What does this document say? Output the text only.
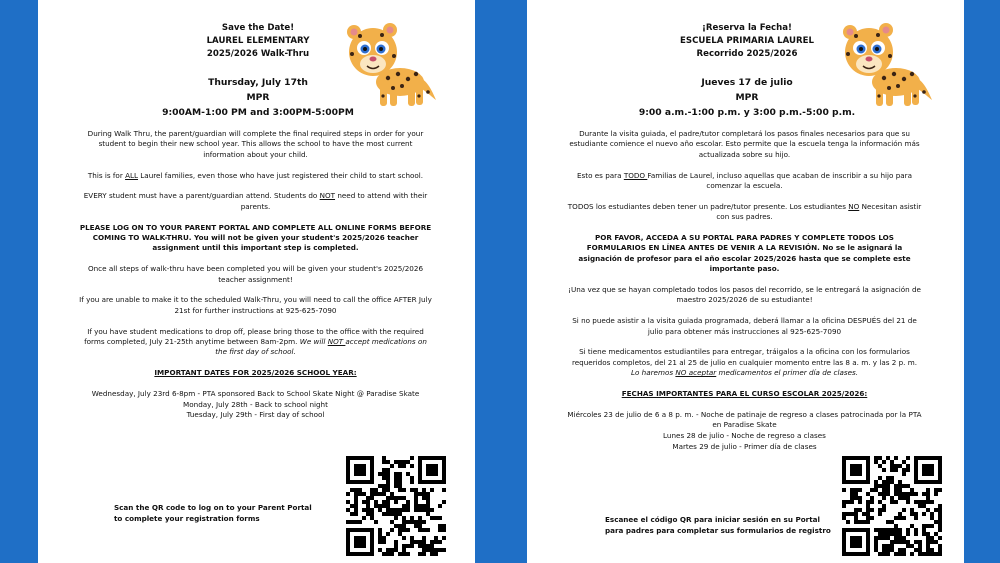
Save the Date!
LAUREL ELEMENTARY
2025/2026 Walk-Thru
Thursday, July 17th
MPR
9:00AM-1:00 PM and 3:00PM-5:00PM

During Walk Thru, the parent/guardian will complete the final required steps in order for your student to begin their new school year. This allows the school to have the most current information about your child.

This is for ALL Laurel families, even those who have just registered their child to start school.

EVERY student must have a parent/guardian attend. Students do NOT need to attend with their parents.

PLEASE LOG ON TO YOUR PARENT PORTAL AND COMPLETE ALL ONLINE FORMS BEFORE COMING TO WALK-THRU. You will not be given your student's 2025/2026 teacher assignment until this important step is completed.

Once all steps of walk-thru have been completed you will be given your student's 2025/2026 teacher assignment!

If you are unable to make it to the scheduled Walk-Thru, you will need to call the office AFTER July 21st for further instructions at 925-625-7090

If you have student medications to drop off, please bring those to the office with the required forms completed, July 21-25th anytime between 8am-2pm. We will NOT accept medications on the first day of school.

IMPORTANT DATES FOR 2025/2026 SCHOOL YEAR:

Wednesday, July 23rd 6-8pm - PTA sponsored Back to School Skate Night @ Paradise Skate
Monday, July 28th - Back to school night
Tuesday, July 29th - First day of school
Scan the QR code to log on to your Parent Portal
to complete your registration forms
¡Reserva la Fecha!
ESCUELA PRIMARIA LAUREL
Recorrido 2025/2026
Jueves 17 de julio
MPR
9:00 a.m.-1:00 p.m. y 3:00 p.m.-5:00 p.m.

Durante la visita guiada, el padre/tutor completará los pasos finales necesarios para que su estudiante comience el nuevo año escolar. Esto permite que la escuela tenga la información más actualizada sobre su hijo.

Esto es para TODO Familias de Laurel, incluso aquellas que acaban de inscribir a su hijo para comenzar la escuela.

TODOS los estudiantes deben tener un padre/tutor presente. Los estudiantes NO Necesitan asistir con sus padres.

POR FAVOR, ACCEDA A SU PORTAL PARA PADRES Y COMPLETE TODOS LOS FORMULARIOS EN LÍNEA ANTES DE VENIR A LA REVISIÓN. No se le asignará la asignación de profesor para el año escolar 2025/2026 hasta que se complete este importante paso.

¡Una vez que se hayan completado todos los pasos del recorrido, se le entregará la asignación de maestro 2025/2026 de su estudiante!

Si no puede asistir a la visita guiada programada, deberá llamar a la oficina DESPUÉS del 21 de julio para obtener más instrucciones al 925-625-7090

Si tiene medicamentos estudiantiles para entregar, tráigalos a la oficina con los formularios requeridos completos, del 21 al 25 de julio en cualquier momento entre las 8 a. m. y las 2 p. m. Lo haremos NO aceptar medicamentos el primer día de clases.

FECHAS IMPORTANTES PARA EL CURSO ESCOLAR 2025/2026:

Miércoles 23 de julio de 6 a 8 p. m. - Noche de patinaje de regreso a clases patrocinada por la PTA en Paradise Skate
Lunes 28 de julio - Noche de regreso a clases
Martes 29 de julio - Primer día de clases
Escanee el código QR para iniciar sesión en su Portal
para padres para completar sus formularios de registro
